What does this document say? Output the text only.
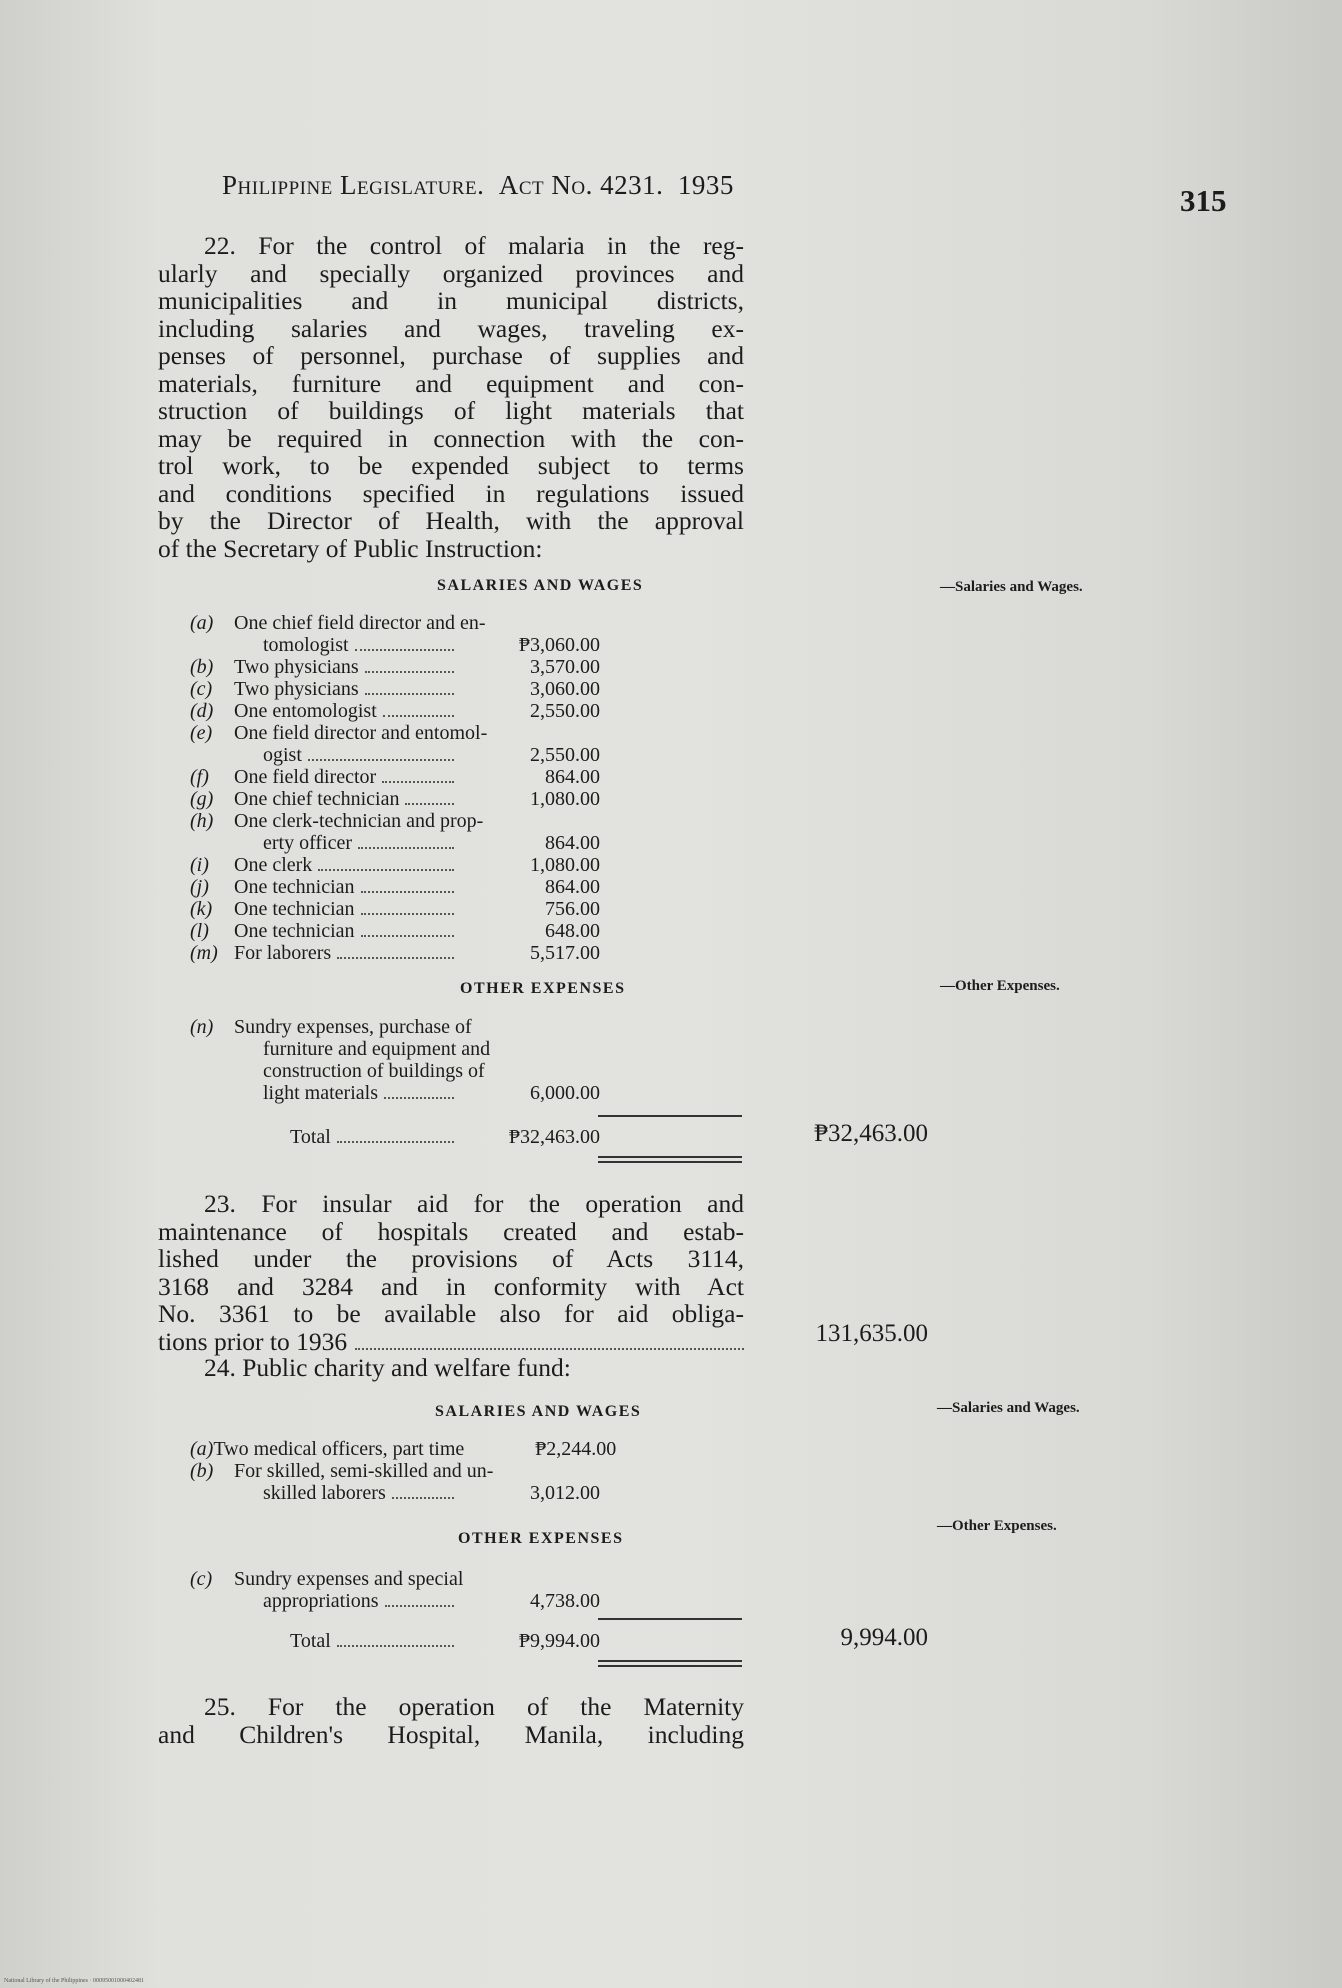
Philippine Legislature. Act No. 4231. 1935	315
22. For the control of malaria in the reg-
ularly and specially organized provinces and
municipalities and in municipal districts,
including salaries and wages, traveling ex-
penses of personnel, purchase of supplies and
materials, furniture and equipment and con-
struction of buildings of light materials that
may be required in connection with the con-
trol work, to be expended subject to terms
and conditions specified in regulations issued
by the Director of Health, with the approval
of the Secretary of Public Instruction:
SALARIES AND WAGES	—Salaries and Wages.
(a)	One chief field director and en-
tomologist	₱3,060.00
(b)	Two physicians	3,570.00
(c)	Two physicians	3,060.00
(d)	One entomologist	2,550.00
(e)	One field director and entomol-
ogist	2,550.00
(f)	One field director	864.00
(g)	One chief technician	1,080.00
(h)	One clerk-technician and prop-
erty officer	864.00
(i)	One clerk	1,080.00
(j)	One technician	864.00
(k)	One technician	756.00
(l)	One technician	648.00
(m) For laborers	5,517.00
OTHER EXPENSES	—Other Expenses.
(n)	Sundry expenses, purchase of
furniture and equipment and
construction of buildings of
light materials	6,000.00
Total	₱32,463.00	₱32,463.00
23. For insular aid for the operation and
maintenance of hospitals created and estab-
lished under the provisions of Acts 3114,
3168 and 3284 and in conformity with Act
No. 3361 to be available also for aid obliga-
tions prior to 1936	131,635.00
24. Public charity and welfare fund:
SALARIES AND WAGES	—Salaries and Wages.
(a) Two medical officers, part time	₱2,244.00
(b)	For skilled, semi-skilled and un-
skilled laborers	3,012.00
—Other Expenses.
OTHER EXPENSES
(c)	Sundry expenses and special
appropriations	4,738.00
Total	₱9,994.00	9,994.00
25. For the operation of the Maternity
and Children's Hospital, Manila, including
National Library of the Philippines · 00095001000402481
